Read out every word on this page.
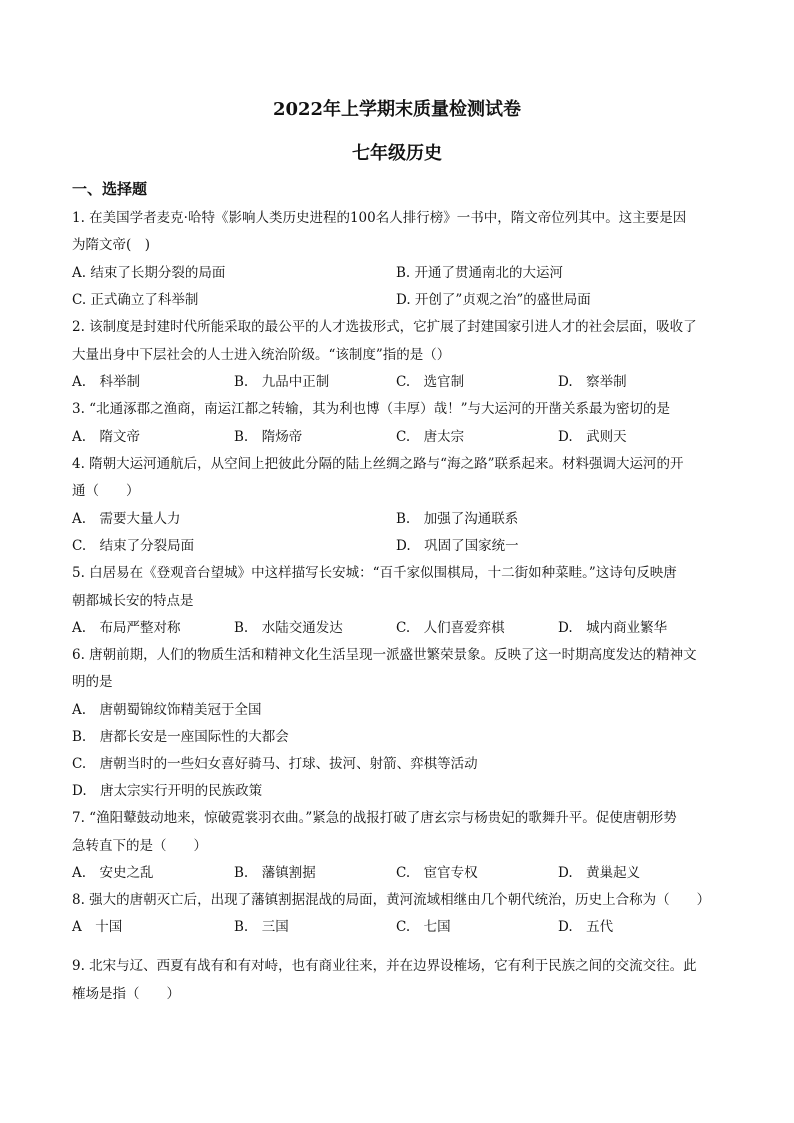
2022年上学期末质量检测试卷
七年级历史
一、选择题
1. 在美国学者麦克·哈特《影响人类历史进程的100名人排行榜》一书中，隋文帝位列其中。这主要是因
为隋文帝(　)
A. 结束了长期分裂的局面	B. 开通了贯通南北的大运河
C. 正式确立了科举制	D. 开创了”贞观之治”的盛世局面
2. 该制度是封建时代所能采取的最公平的人才选拔形式，它扩展了封建国家引进人才的社会层面，吸收了
大量出身中下层社会的人士进入统治阶级。“该制度”指的是（）
A.　科举制	B.　九品中正制	C.　选官制	D.　察举制
3. “北通涿郡之渔商，南运江都之转输，其为利也博（丰厚）哉！”与大运河的开凿关系最为密切的是
A.　隋文帝	B.　隋炀帝	C.　唐太宗	D.　武则天
4. 隋朝大运河通航后，从空间上把彼此分隔的陆上丝绸之路与“海之路”联系起来。材料强调大运河的开
通（　　）
A.　需要大量人力	B.　加强了沟通联系
C.　结束了分裂局面	D.　巩固了国家统一
5. 白居易在《登观音台望城》中这样描写长安城：“百千家似围棋局，十二街如种菜畦。”这诗句反映唐
朝都城长安的特点是
A.　布局严整对称	B.　水陆交通发达	C.　人们喜爱弈棋	D.　城内商业繁华
6. 唐朝前期，人们的物质生活和精神文化生活呈现一派盛世繁荣景象。反映了这一时期高度发达的精神文
明的是
A.　唐朝蜀锦纹饰精美冠于全国
B.　唐都长安是一座国际性的大都会
C.　唐朝当时的一些妇女喜好骑马、打球、拔河、射箭、弈棋等活动
D.　唐太宗实行开明的民族政策
7. “渔阳鼙鼓动地来，惊破霓裳羽衣曲。”紧急的战报打破了唐玄宗与杨贵妃的歌舞升平。促使唐朝形势
急转直下的是（　　）
A.　安史之乱	B.　藩镇割据	C.　宦官专权	D.　黄巢起义
8. 强大的唐朝灭亡后，出现了藩镇割据混战的局面，黄河流域相继由几个朝代统治，历史上合称为（　　）
A　十国	B.　三国	C.　七国	D.　五代
9. 北宋与辽、西夏有战有和有对峙，也有商业往来，并在边界设榷场，它有利于民族之间的交流交往。此
榷场是指（　　）
